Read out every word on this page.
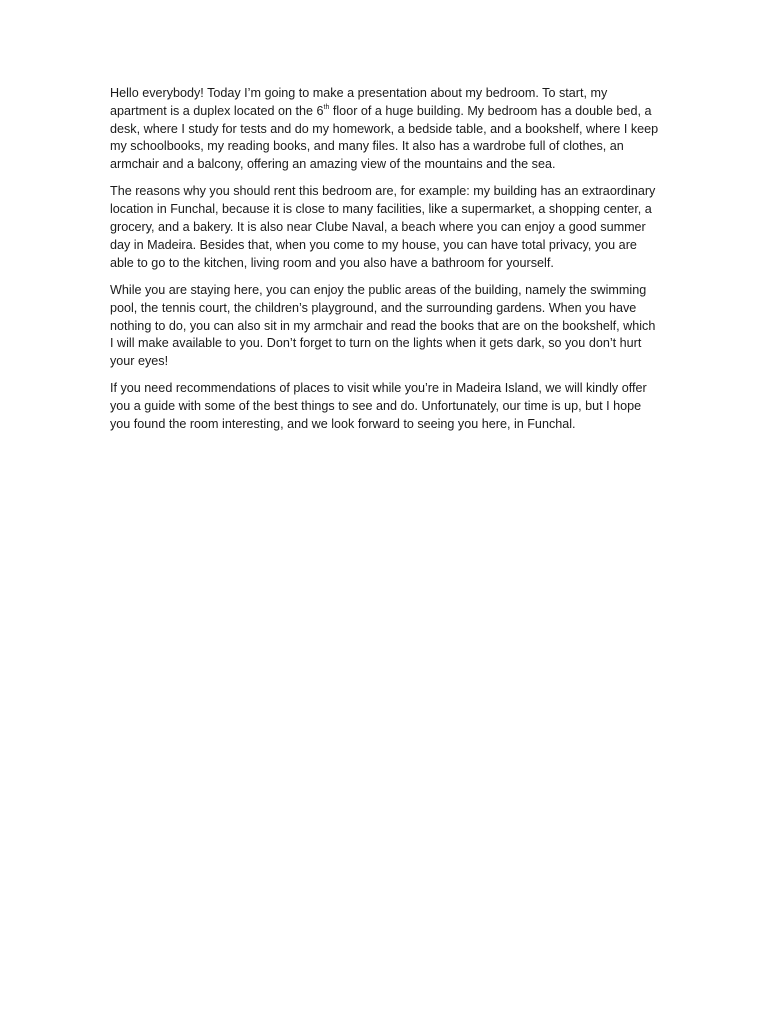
Hello everybody! Today I’m going to make a presentation about my bedroom. To start, my apartment is a duplex located on the 6th floor of a huge building. My bedroom has a double bed, a desk, where I study for tests and do my homework, a bedside table, and a bookshelf, where I keep my schoolbooks, my reading books, and many files. It also has a wardrobe full of clothes, an armchair and a balcony, offering an amazing view of the mountains and the sea.

The reasons why you should rent this bedroom are, for example: my building has an extraordinary location in Funchal, because it is close to many facilities, like a supermarket, a shopping center, a grocery, and a bakery. It is also near Clube Naval, a beach where you can enjoy a good summer day in Madeira. Besides that, when you come to my house, you can have total privacy, you are able to go to the kitchen, living room and you also have a bathroom for yourself.

While you are staying here, you can enjoy the public areas of the building, namely the swimming pool, the tennis court, the children’s playground, and the surrounding gardens. When you have nothing to do, you can also sit in my armchair and read the books that are on the bookshelf, which I will make available to you. Don’t forget to turn on the lights when it gets dark, so you don’t hurt your eyes!

If you need recommendations of places to visit while you’re in Madeira Island, we will kindly offer you a guide with some of the best things to see and do. Unfortunately, our time is up, but I hope you found the room interesting, and we look forward to seeing you here, in Funchal.
